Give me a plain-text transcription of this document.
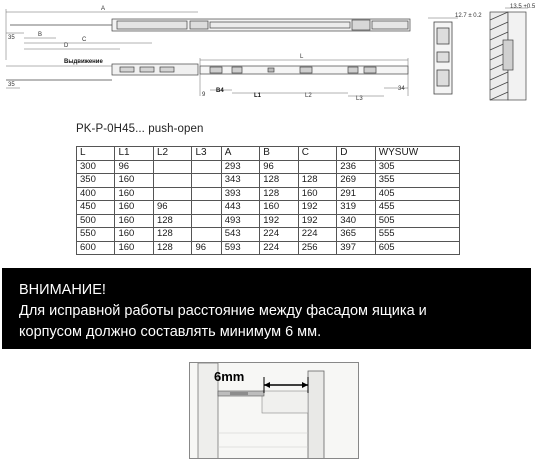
A
B
C
D
35
Выдвижение
L
35
9
B4
L1	L2	L3
34
12.7 ± 0.2
13.5 +0.5
PK-P-0H45... push-open
L	L1	L2	L3	A	B	C	D	WYSUW
300	96			293	96		236	305
350	160			343	128	128	269	355
400	160			393	128	160	291	405
450	160	96		443	160	192	319	455
500	160	128		493	192	192	340	505
550	160	128		543	224	224	365	555
600	160	128	96	593	224	256	397	605
ВНИМАНИЕ!
Для исправной работы расстояние между фасадом ящика и
корпусом должно составлять минимум 6 мм.
6mm
